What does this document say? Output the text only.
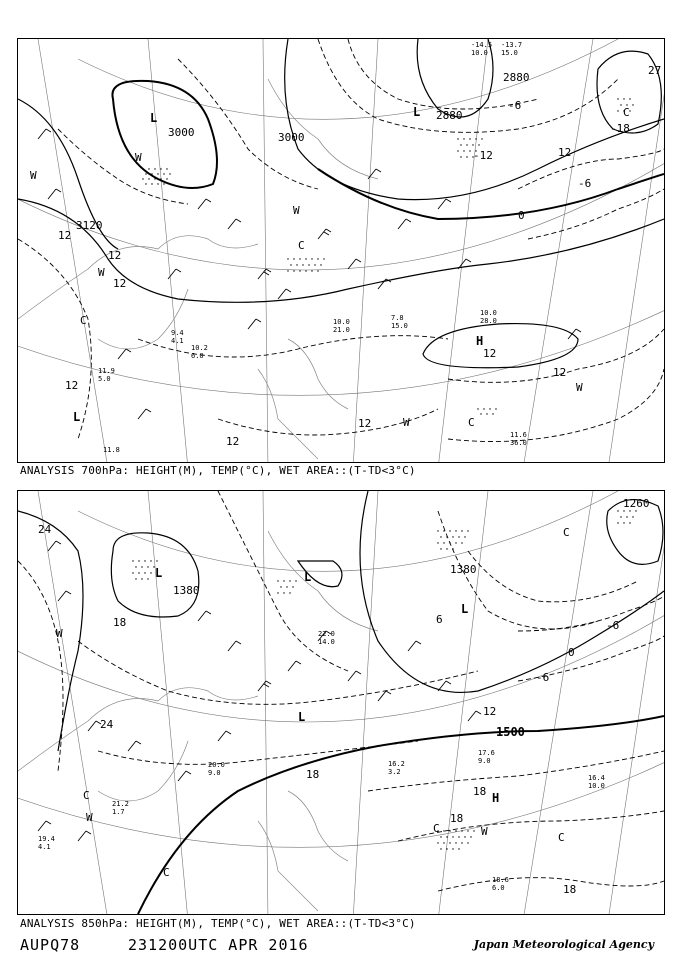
L	L
L
H
W
W
W
W
W
W
C
C
C
C
3000	3000
3120
2880
2880
12
12
12
12
12
12
12
12
-6
0
-6
12
-12
-18
27
10.0
28.0
11.6
36.0
7.8
15.0
10.0
21.0
9.4
4.1
10.2
6.0
11.9
5.0
11.8
-14.5
10.0
-13.7
15.0
ANALYSIS 700hPa: HEIGHT(M), TEMP(°C), WET AREA::(T-TD<3°C)
L	L
L
L
H
W
W
W
C
C
C
C
C
1380
1380
1260
1500
24
24
18
18
18
18
12
-6
0
6
-6
18
17.6
9.0
16.4
10.0
18.6
6.0
16.2
3.2
20.0
9.0
21.2
1.7
19.4
4.1
22.0
14.0
ANALYSIS 850hPa: HEIGHT(M), TEMP(°C), WET AREA::(T-TD<3°C)
AUPQ78	231200UTC APR 2016	Japan Meteorological Agency
